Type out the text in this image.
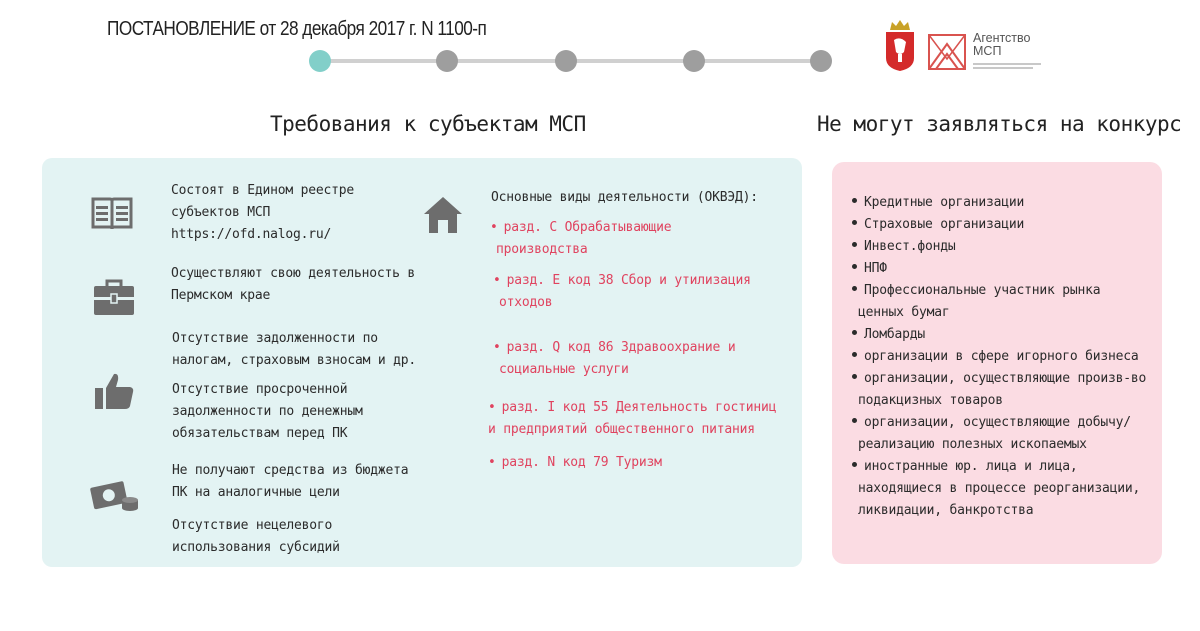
ПОСТАНОВЛЕНИЕ от 28 декабря 2017 г. N 1100-п	Агентство
МСП
Требования к субъектам МСП	Не могут заявляться на конкурс
Состоят в Едином реестре
субъектов МСП
https://ofd.nalog.ru/
Осуществляют свою деятельность в
Пермском крае
Отсутствие задолженности по
налогам, страховым взносам и др.
Отсутствие просроченной
задолженности по денежным
обязательствам перед ПК
Не получают средства из бюджета
ПК на аналогичные цели
Отсутствие нецелевого
использования субсидий
Основные виды деятельности (ОКВЭД):
• разд. С Обрабатывающие
производства
• разд. E код 38 Сбор и утилизация
отходов
• разд. Q код 86 Здравоохрание и
социальные услуги
• разд. I код 55 Деятельность гостиниц
и предприятий общественного питания
• разд. N код 79 Туризм
Кредитные организации
Страховые организации
Инвест.фонды
НПФ
Профессиональные участник рынка
ценных бумаг
Ломбарды
организации в сфере игорного бизнеса
организации, осуществляющие произв-во
подакцизных товаров
организации, осуществляющие добычу/
реализацию полезных ископаемых
иностранные юр. лица и лица,
находящиеся в процессе реорганизации,
ликвидации, банкротства
